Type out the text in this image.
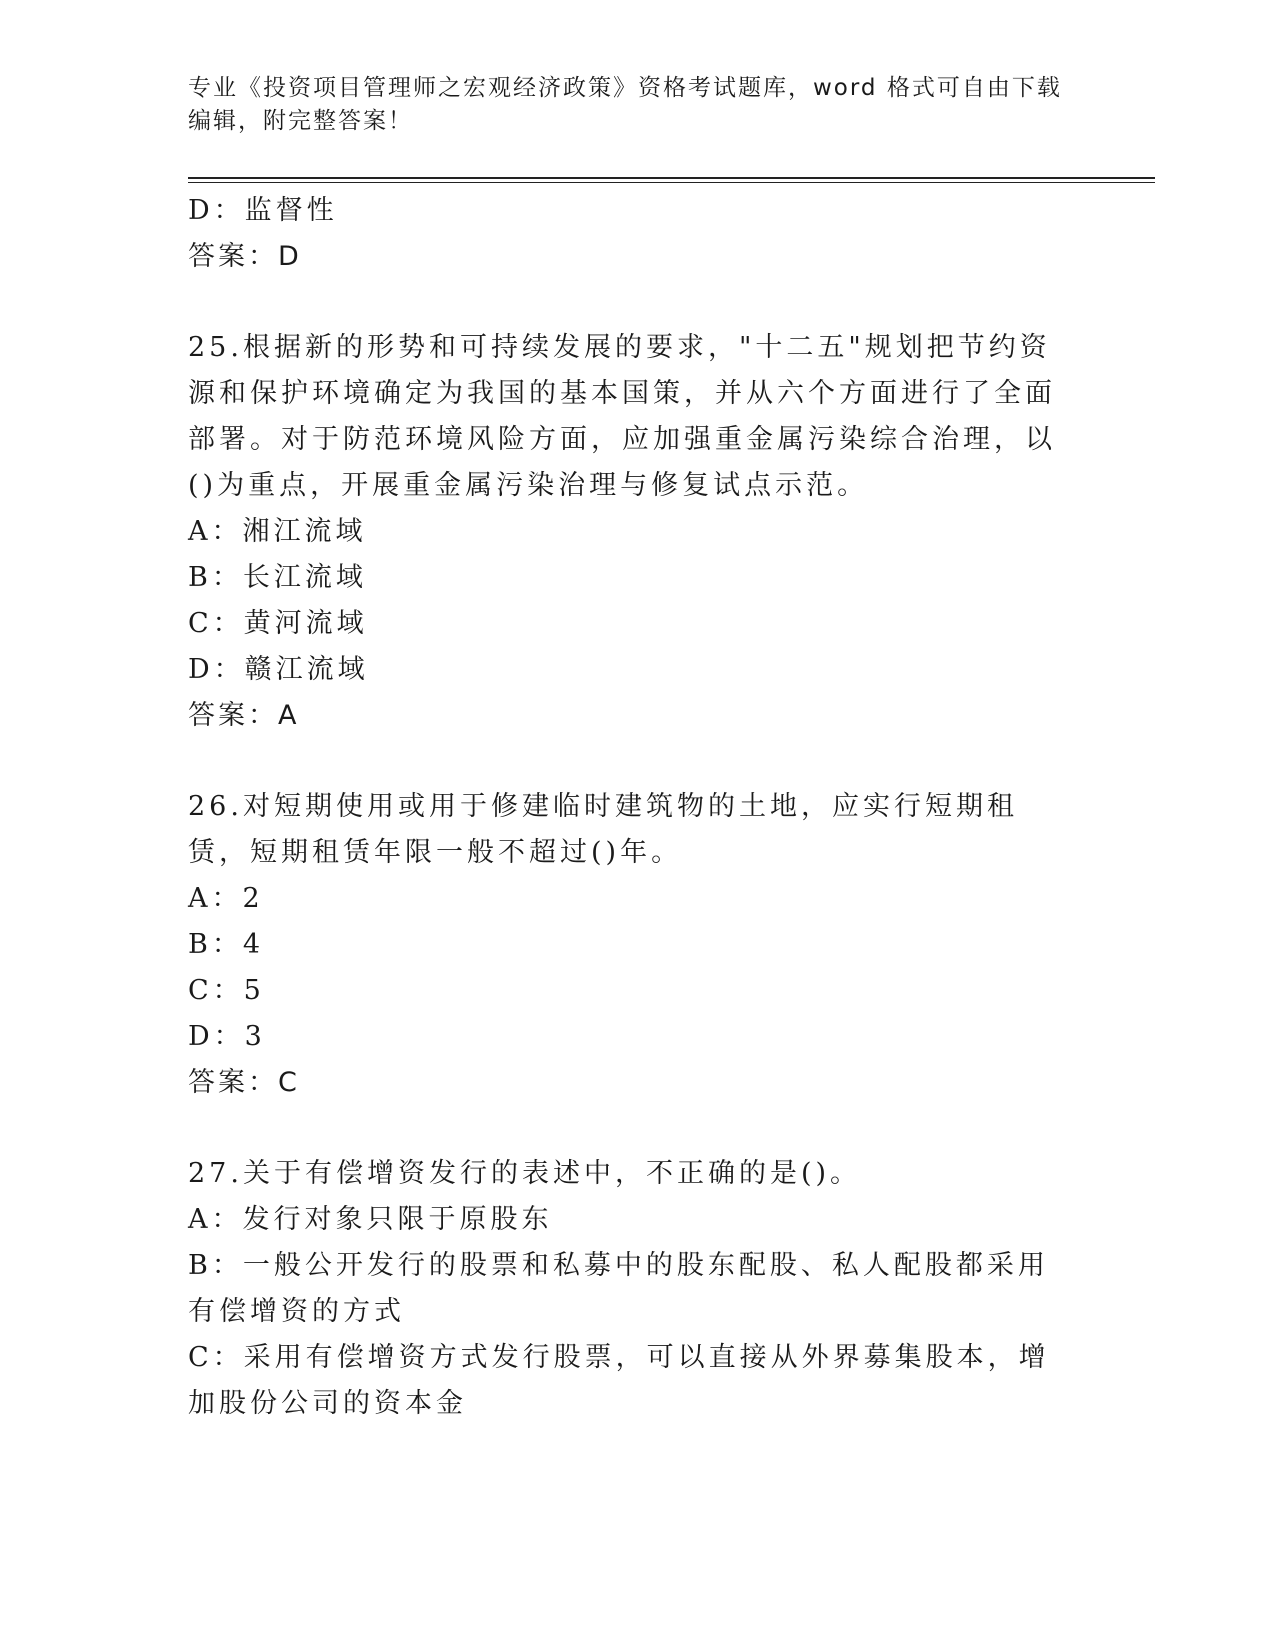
专业《投资项目管理师之宏观经济政策》资格考试题库，word 格式可自由下载编辑，附完整答案！
D：监督性
答案：D
25.根据新的形势和可持续发展的要求，"十二五"规划把节约资源和保护环境确定为我国的基本国策，并从六个方面进行了全面部署。对于防范环境风险方面，应加强重金属污染综合治理，以()为重点，开展重金属污染治理与修复试点示范。
A：湘江流域
B：长江流域
C：黄河流域
D：赣江流域
答案：A
26.对短期使用或用于修建临时建筑物的土地，应实行短期租赁，短期租赁年限一般不超过()年。
A：2
B：4
C：5
D：3
答案：C
27.关于有偿增资发行的表述中，不正确的是()。
A：发行对象只限于原股东
B：一般公开发行的股票和私募中的股东配股、私人配股都采用有偿增资的方式
C：采用有偿增资方式发行股票，可以直接从外界募集股本，增加股份公司的资本金
